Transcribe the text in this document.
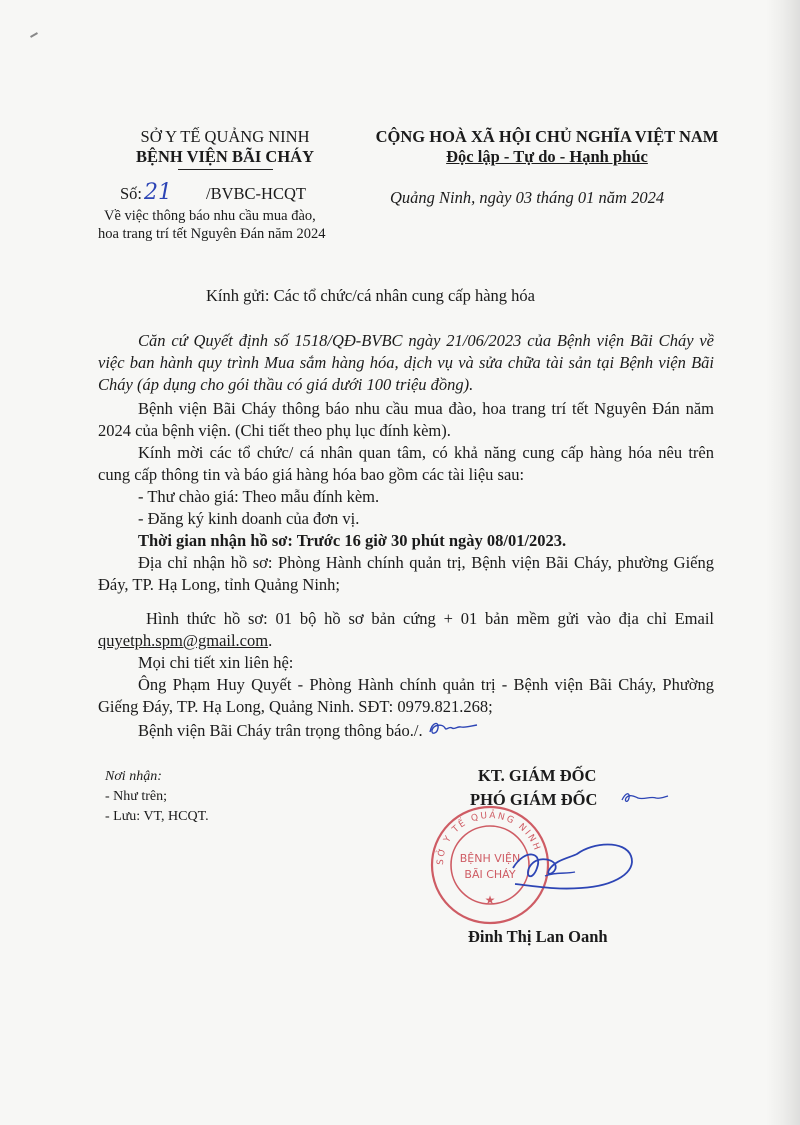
SỞ Y TẾ QUẢNG NINH
BỆNH VIỆN BÃI CHÁY
CỘNG HOÀ XÃ HỘI CHỦ NGHĨA VIỆT NAM
Độc lập - Tự do - Hạnh phúc
Số:21 /BVBC-HCQT
Về việc thông báo nhu cầu mua đào,
hoa trang trí tết Nguyên Đán năm 2024
Quảng Ninh, ngày 03 tháng 01 năm 2024
Kính gửi: Các tổ chức/cá nhân cung cấp hàng hóa
Căn cứ Quyết định số 1518/QĐ-BVBC ngày 21/06/2023 của Bệnh viện Bãi Cháy về việc ban hành quy trình Mua sắm hàng hóa, dịch vụ và sửa chữa tài sản tại Bệnh viện Bãi Cháy (áp dụng cho gói thầu có giá dưới 100 triệu đồng).
Bệnh viện Bãi Cháy thông báo nhu cầu mua đào, hoa trang trí tết Nguyên Đán năm 2024 của bệnh viện. (Chi tiết theo phụ lục đính kèm).
Kính mời các tổ chức/ cá nhân quan tâm, có khả năng cung cấp hàng hóa nêu trên cung cấp thông tin và báo giá hàng hóa bao gồm các tài liệu sau:
- Thư chào giá: Theo mẫu đính kèm.
- Đăng ký kinh doanh của đơn vị.
Thời gian nhận hồ sơ: Trước 16 giờ 30 phút ngày 08/01/2023.
Địa chỉ nhận hồ sơ: Phòng Hành chính quản trị, Bệnh viện Bãi Cháy, phường Giếng Đáy, TP. Hạ Long, tỉnh Quảng Ninh;
Hình thức hồ sơ: 01 bộ hồ sơ bản cứng + 01 bản mềm gửi vào địa chỉ Email quyetph.spm@gmail.com.
Mọi chi tiết xin liên hệ:
Ông Phạm Huy Quyết - Phòng Hành chính quản trị - Bệnh viện Bãi Cháy, Phường Giếng Đáy, TP. Hạ Long, Quảng Ninh. SĐT: 0979.821.268;
Bệnh viện Bãi Cháy trân trọng thông báo./.
Nơi nhận:
- Như trên;
- Lưu: VT, HCQT.
KT. GIÁM ĐỐC
PHÓ GIÁM ĐỐC
SỞ Y TẾ QUẢNG NINH
BỆNH VIỆN
BÃI CHÁY
★
Đinh Thị Lan Oanh
